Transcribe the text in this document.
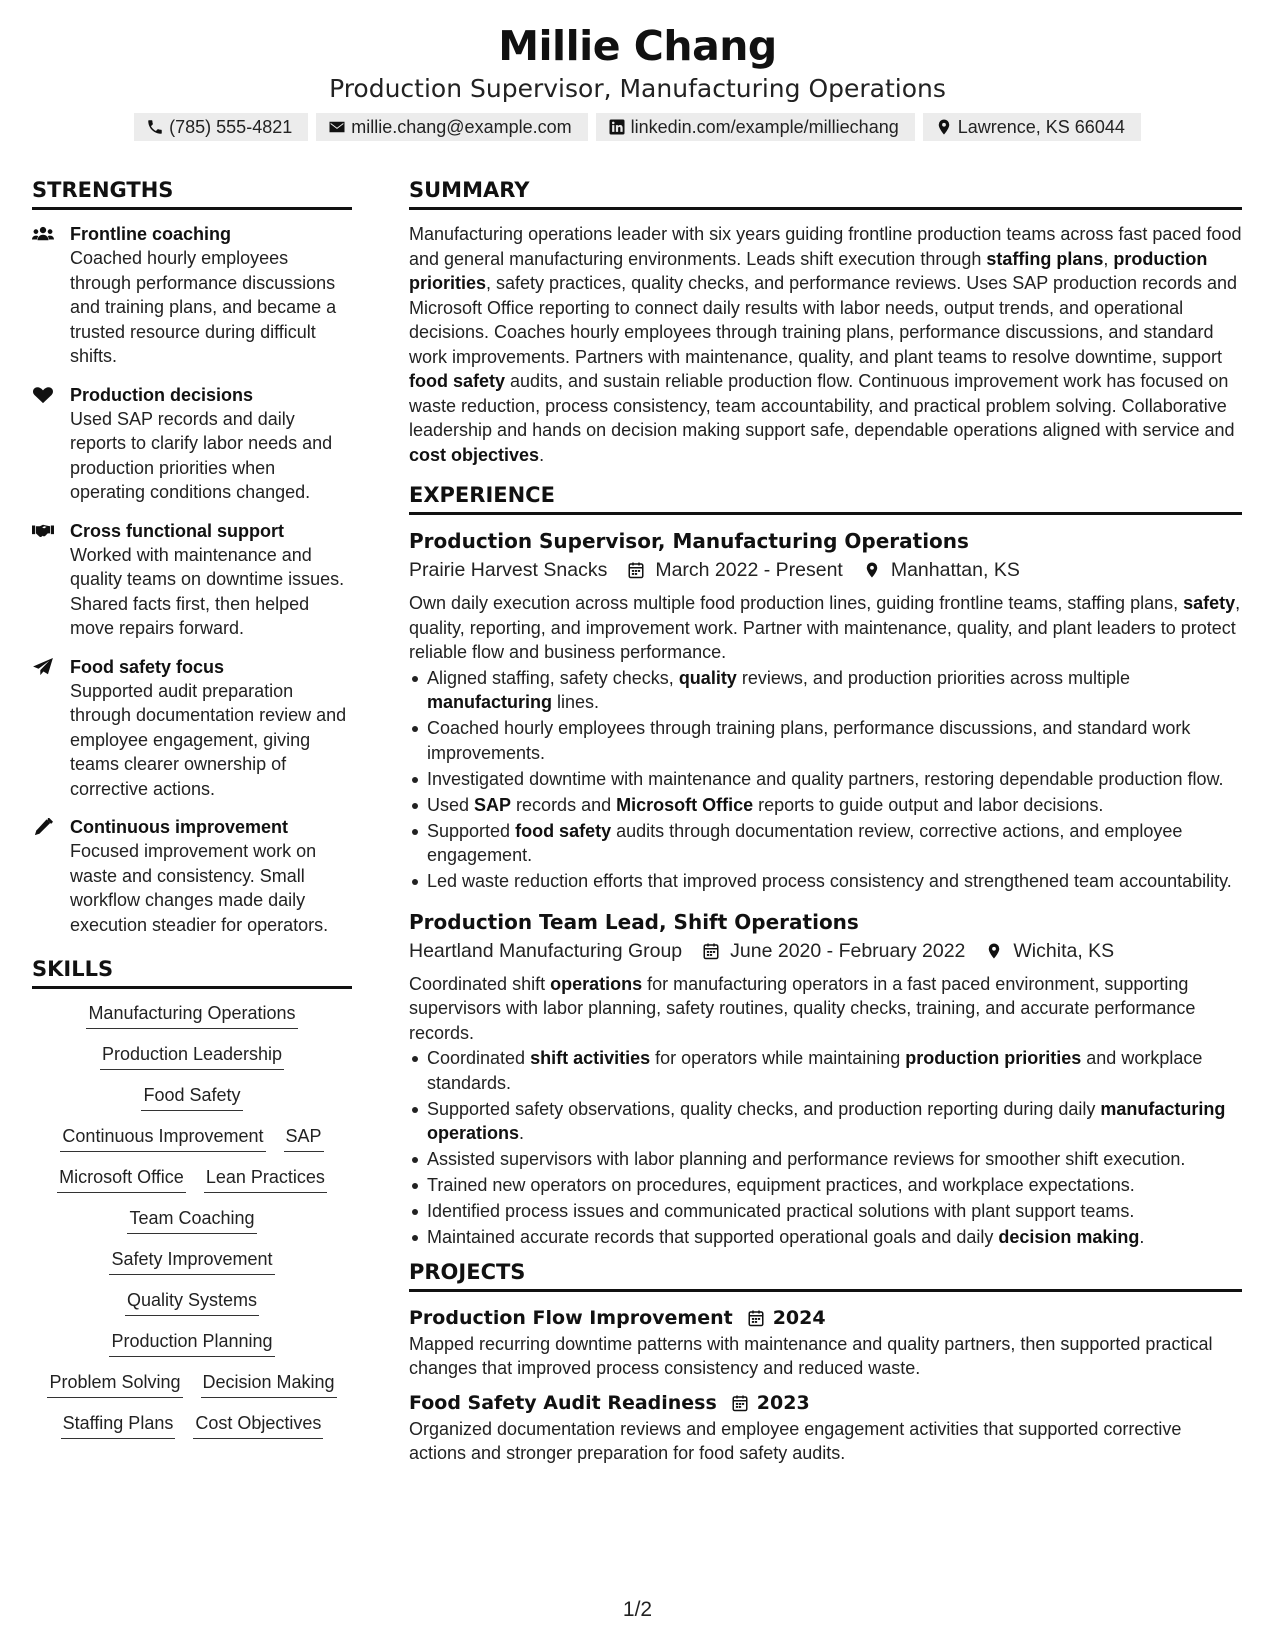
Millie Chang
Production Supervisor, Manufacturing Operations
(785) 555-4821	millie.chang@example.com	linkedin.com/example/milliechang	Lawrence, KS 66044
STRENGTHS
Frontline coaching
Coached hourly employees through performance discussions and training plans, and became a trusted resource during difficult shifts.
Production decisions
Used SAP records and daily reports to clarify labor needs and production priorities when operating conditions changed.
Cross functional support
Worked with maintenance and quality teams on downtime issues. Shared facts first, then helped move repairs forward.
Food safety focus
Supported audit preparation through documentation review and employee engagement, giving teams clearer ownership of corrective actions.
Continuous improvement
Focused improvement work on waste and consistency. Small workflow changes made daily execution steadier for operators.
SKILLS
Manufacturing Operations
Production Leadership
Food Safety
Continuous Improvement SAP
Microsoft Office Lean Practices
Team Coaching
Safety Improvement
Quality Systems
Production Planning
Problem Solving Decision Making
Staffing Plans Cost Objectives
SUMMARY
Manufacturing operations leader with six years guiding frontline production teams across fast paced food and general manufacturing environments. Leads shift execution through staffing plans, production priorities, safety practices, quality checks, and performance reviews. Uses SAP production records and Microsoft Office reporting to connect daily results with labor needs, output trends, and operational decisions. Coaches hourly employees through training plans, performance discussions, and standard work improvements. Partners with maintenance, quality, and plant teams to resolve downtime, support food safety audits, and sustain reliable production flow. Continuous improvement work has focused on waste reduction, process consistency, team accountability, and practical problem solving. Collaborative leadership and hands on decision making support safe, dependable operations aligned with service and cost objectives.
EXPERIENCE
Production Supervisor, Manufacturing Operations
Prairie Harvest Snacks March 2022 - Present Manhattan, KS
Own daily execution across multiple food production lines, guiding frontline teams, staffing plans, safety, quality, reporting, and improvement work. Partner with maintenance, quality, and plant leaders to protect reliable flow and business performance.
Aligned staffing, safety checks, quality reviews, and production priorities across multiple manufacturing lines.
Coached hourly employees through training plans, performance discussions, and standard work improvements.
Investigated downtime with maintenance and quality partners, restoring dependable production flow.
Used SAP records and Microsoft Office reports to guide output and labor decisions.
Supported food safety audits through documentation review, corrective actions, and employee engagement.
Led waste reduction efforts that improved process consistency and strengthened team accountability.
Production Team Lead, Shift Operations
Heartland Manufacturing Group June 2020 - February 2022 Wichita, KS
Coordinated shift operations for manufacturing operators in a fast paced environment, supporting supervisors with labor planning, safety routines, quality checks, training, and accurate performance records.
Coordinated shift activities for operators while maintaining production priorities and workplace standards.
Supported safety observations, quality checks, and production reporting during daily manufacturing operations.
Assisted supervisors with labor planning and performance reviews for smoother shift execution.
Trained new operators on procedures, equipment practices, and workplace expectations.
Identified process issues and communicated practical solutions with plant support teams.
Maintained accurate records that supported operational goals and daily decision making.
PROJECTS
Production Flow Improvement 2024
Mapped recurring downtime patterns with maintenance and quality partners, then supported practical changes that improved process consistency and reduced waste.
Food Safety Audit Readiness 2023
Organized documentation reviews and employee engagement activities that supported corrective actions and stronger preparation for food safety audits.
1/2
